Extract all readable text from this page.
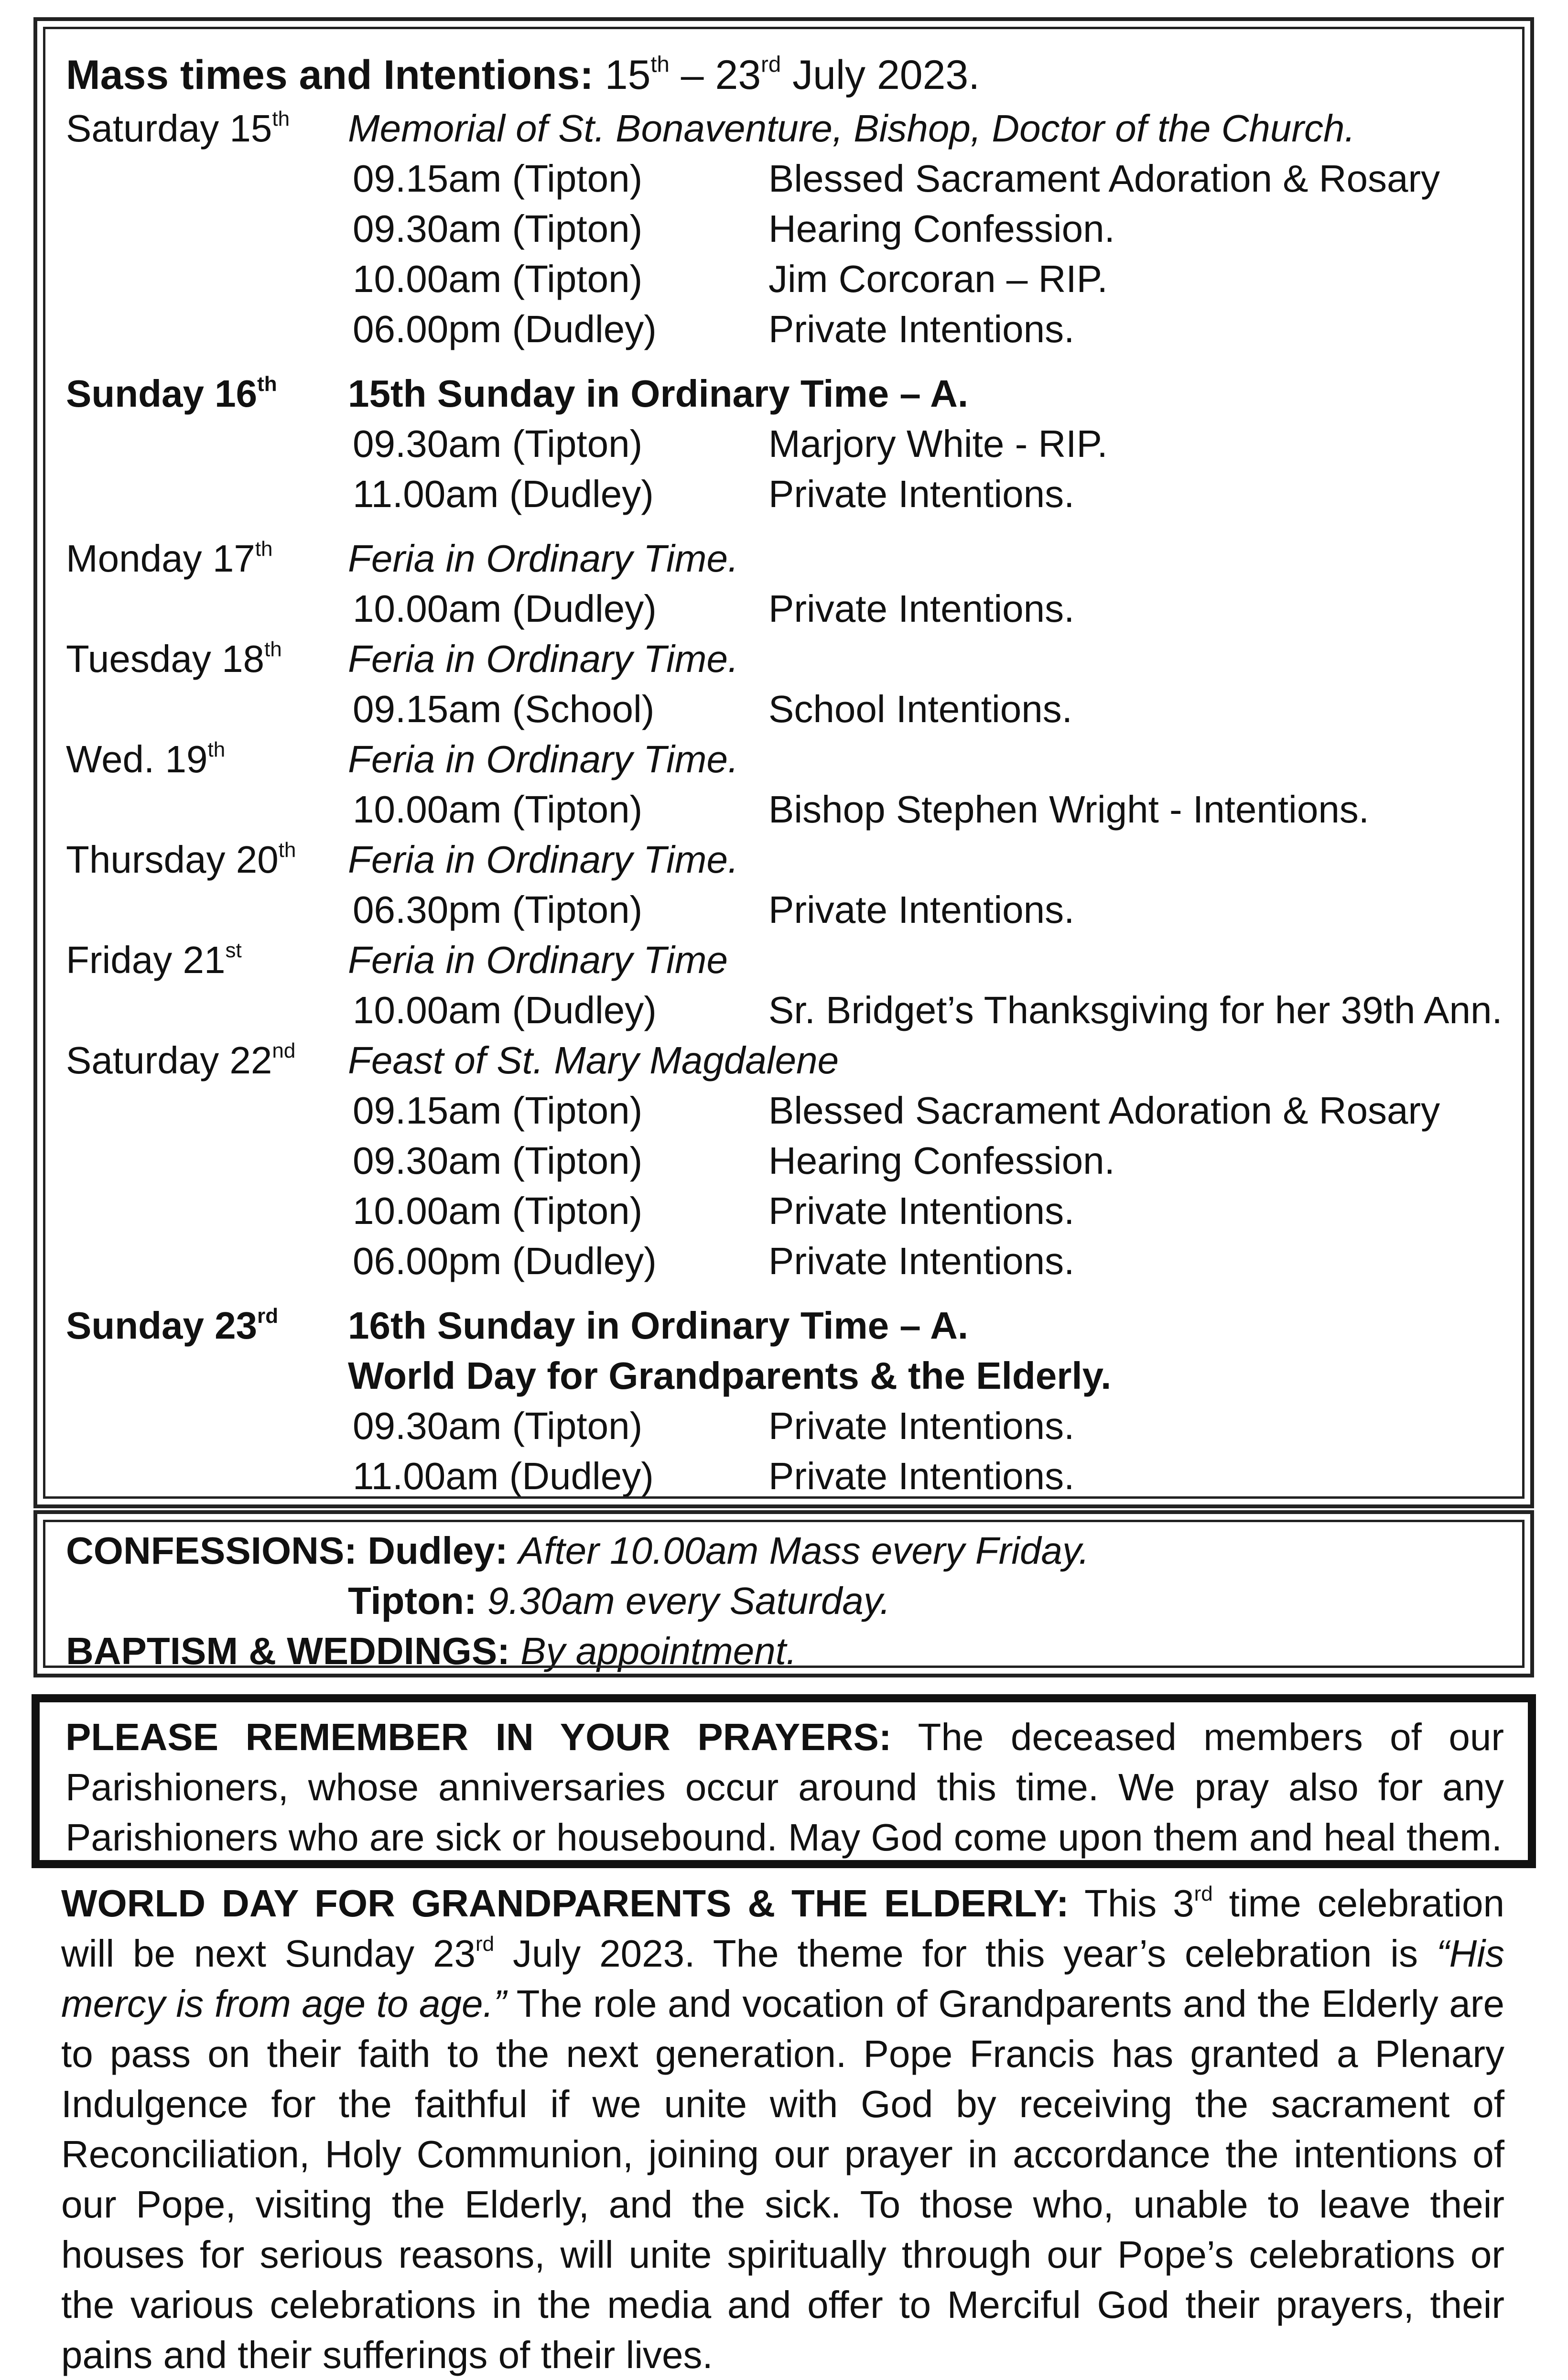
Mass times and Intentions: 15th – 23rd July 2023.
Saturday 15th Memorial of St. Bonaventure, Bishop, Doctor of the Church.
09.15am (Tipton)	Blessed Sacrament Adoration & Rosary
09.30am (Tipton)	Hearing Confession.
10.00am (Tipton)	Jim Corcoran – RIP.
06.00pm (Dudley)	Private Intentions.
Sunday 16th 15th Sunday in Ordinary Time – A.
09.30am (Tipton)	Marjory White - RIP.
11.00am (Dudley)	Private Intentions.
Monday 17th Feria in Ordinary Time.
10.00am (Dudley)	Private Intentions.
Tuesday 18th Feria in Ordinary Time.
09.15am (School)	School Intentions.
Wed. 19th	Feria in Ordinary Time.
10.00am (Tipton)	Bishop Stephen Wright - Intentions.
Thursday 20th Feria in Ordinary Time.
06.30pm (Tipton)	Private Intentions.
Friday 21st	Feria in Ordinary Time
10.00am (Dudley)	Sr. Bridget’s Thanksgiving for her 39th Ann.
Saturday 22nd Feast of St. Mary Magdalene
09.15am (Tipton)	Blessed Sacrament Adoration & Rosary
09.30am (Tipton)	Hearing Confession.
10.00am (Tipton)	Private Intentions.
06.00pm (Dudley)	Private Intentions.
Sunday 23rd 16th Sunday in Ordinary Time – A.
World Day for Grandparents & the Elderly.
09.30am (Tipton)	Private Intentions.
11.00am (Dudley)	Private Intentions.
CONFESSIONS: Dudley: After 10.00am Mass every Friday.
Tipton: 9.30am every Saturday.
BAPTISM & WEDDINGS: By appointment.
PLEASE REMEMBER IN YOUR PRAYERS: The deceased members of our Parishioners, whose anniversaries occur around this time. We pray also for any Parishioners who are sick or housebound. May God come upon them and heal them.
WORLD DAY FOR GRANDPARENTS & THE ELDERLY: This 3rd time celebration will be next Sunday 23rd July 2023. The theme for this year’s celebration is “His mercy is from age to age.” The role and vocation of Grandparents and the Elderly are to pass on their faith to the next generation. Pope Francis has granted a Plenary Indulgence for the faithful if we unite with God by receiving the sacrament of Reconciliation, Holy Communion, joining our prayer in accordance the intentions of our Pope, visiting the Elderly, and the sick. To those who, unable to leave their houses for serious reasons, will unite spiritually through our Pope’s celebrations or the various celebrations in the media and offer to Merciful God their prayers, their pains and their sufferings of their lives.
